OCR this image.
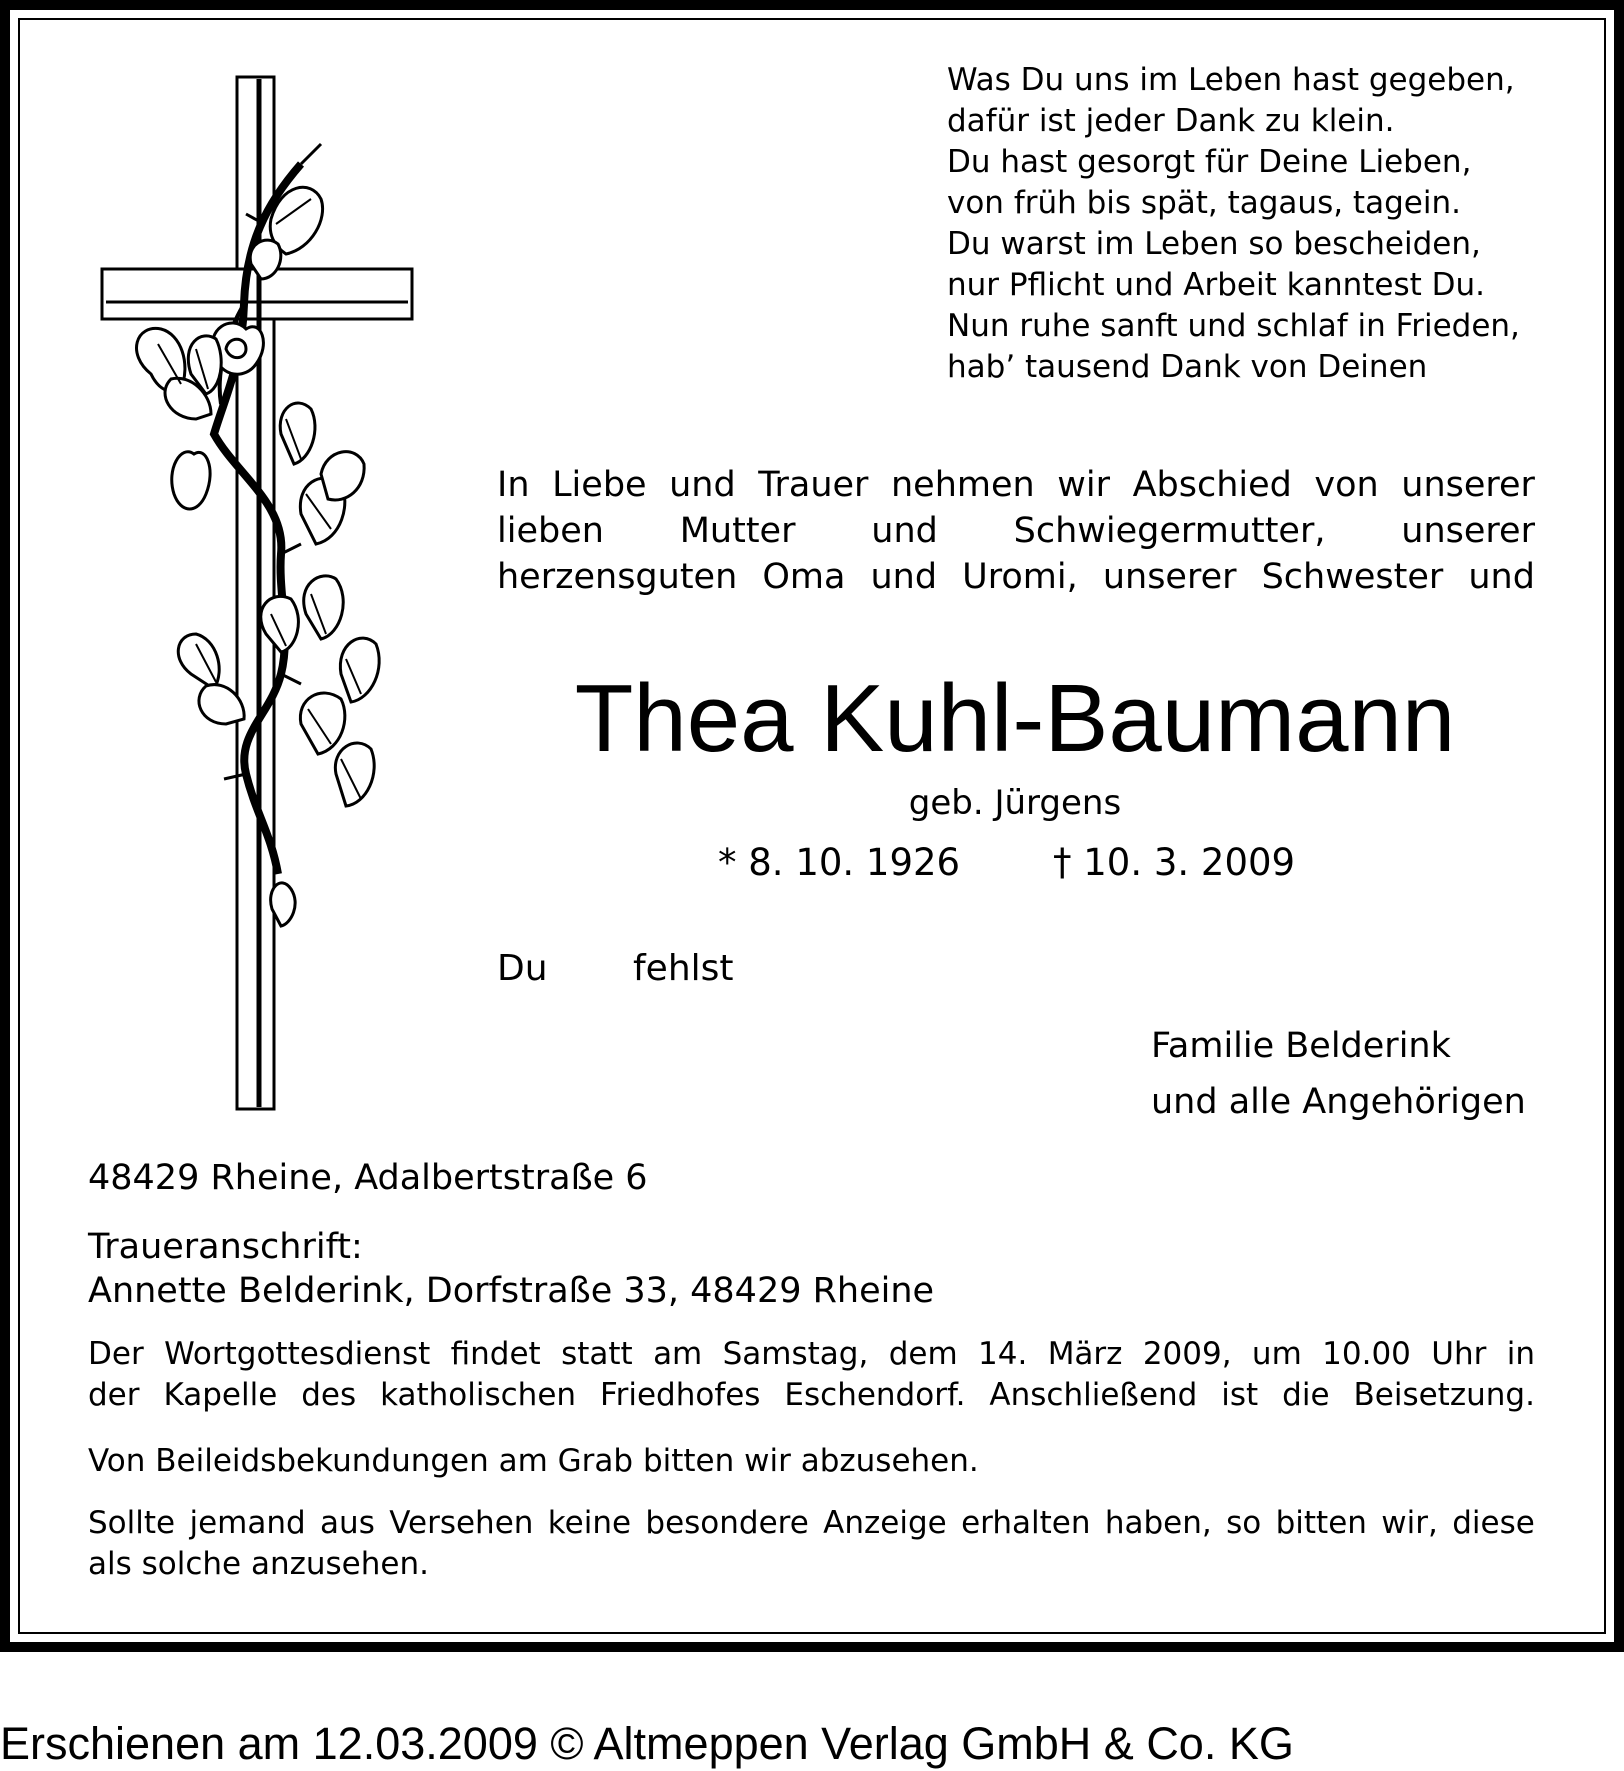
Was Du uns im Leben hast gegeben,
dafür ist jeder Dank zu klein.
Du hast gesorgt für Deine Lieben,
von früh bis spät, tagaus, tagein.
Du warst im Leben so bescheiden,
nur Pflicht und Arbeit kanntest Du.
Nun ruhe sanft und schlaf in Frieden,
hab’ tausend Dank von Deinen
In Liebe und Trauer nehmen wir Abschied von unserer
lieben Mutter und Schwiegermutter, unserer
herzensguten Oma und Uromi, unserer Schwester und
Thea Kuhl-Baumann
geb. Jürgens
* 8. 10. 1926	† 10. 3. 2009
Du fehlst
Familie Belderink
und alle Angehörigen
48429 Rheine, Adalbertstraße 6
Traueranschrift:
Annette Belderink, Dorfstraße 33, 48429 Rheine
Der Wortgottesdienst findet statt am Samstag, dem 14. März 2009, um 10.00 Uhr in
der Kapelle des katholischen Friedhofes Eschendorf. Anschließend ist die Beisetzung.
Von Beileidsbekundungen am Grab bitten wir abzusehen.
Sollte jemand aus Versehen keine besondere Anzeige erhalten haben, so bitten wir, diese
als solche anzusehen.
Erschienen am 12.03.2009 © Altmeppen Verlag GmbH & Co. KG
